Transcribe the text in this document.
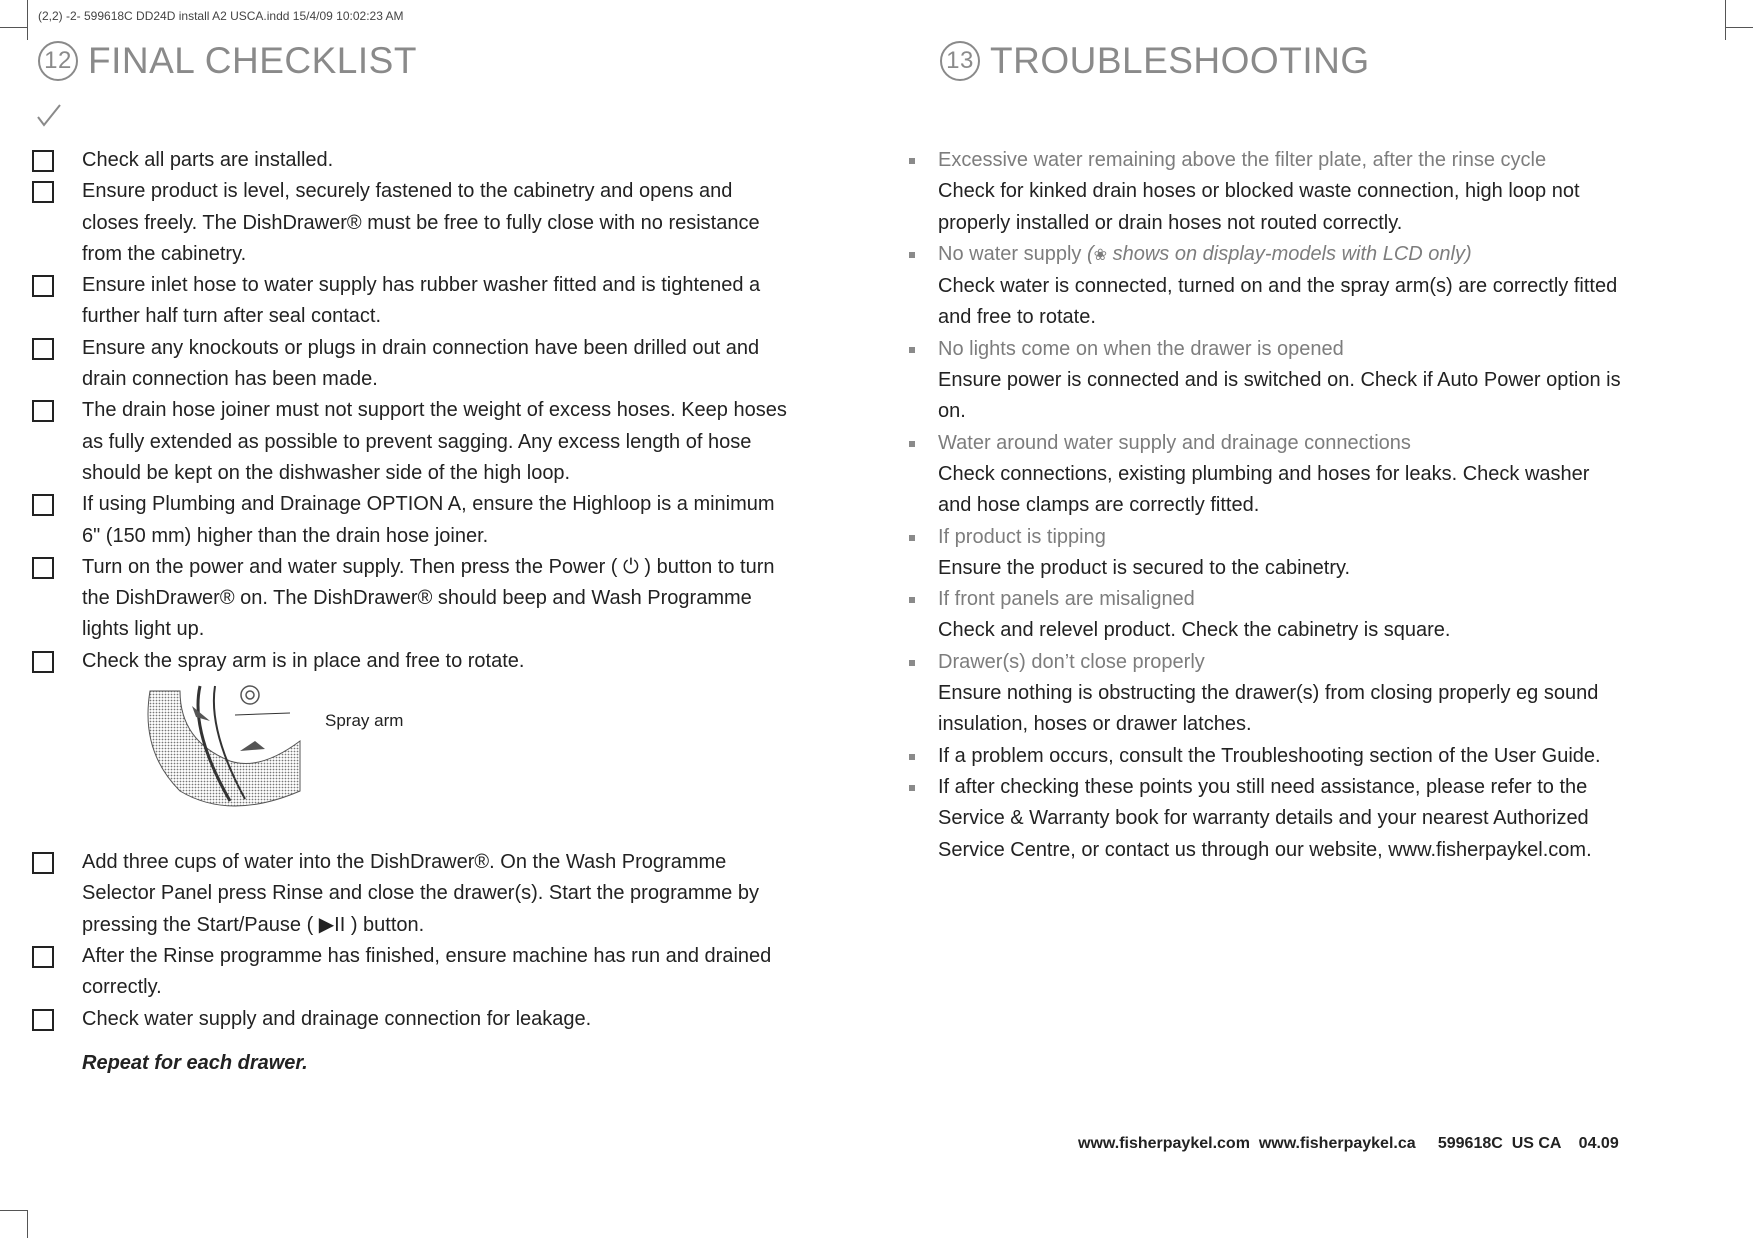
(2,2) -2- 599618C DD24D install A2 USCA.indd 15/4/09 10:02:23 AM
12 FINAL CHECKLIST
Check all parts are installed.
Ensure product is level, securely fastened to the cabinetry and opens and closes freely. The DishDrawer® must be free to fully close with no resistance from the cabinetry.
Ensure inlet hose to water supply has rubber washer fitted and is tightened a further half turn after seal contact.
Ensure any knockouts or plugs in drain connection have been drilled out and drain connection has been made.
The drain hose joiner must not support the weight of excess hoses. Keep hoses as fully extended as possible to prevent sagging. Any excess length of hose should be kept on the dishwasher side of the high loop.
If using Plumbing and Drainage OPTION A, ensure the Highloop is a minimum 6" (150 mm) higher than the drain hose joiner.
Turn on the power and water supply. Then press the Power ( ⏻ ) button to turn the DishDrawer® on. The DishDrawer® should beep and Wash Programme lights light up.
Check the spray arm is in place and free to rotate.
Spray arm
Add three cups of water into the DishDrawer®. On the Wash Programme Selector Panel press Rinse and close the drawer(s). Start the programme by pressing the Start/Pause ( ▶II ) button.
After the Rinse programme has finished, ensure machine has run and drained correctly.
Check water supply and drainage connection for leakage.
Repeat for each drawer.
13 TROUBLESHOOTING
Excessive water remaining above the filter plate, after the rinse cycle
Check for kinked drain hoses or blocked waste connection, high loop not properly installed or drain hoses not routed correctly.
No water supply (❀ shows on display-models with LCD only)
Check water is connected, turned on and the spray arm(s) are correctly fitted and free to rotate.
No lights come on when the drawer is opened
Ensure power is connected and is switched on. Check if Auto Power option is on.
Water around water supply and drainage connections
Check connections, existing plumbing and hoses for leaks. Check washer and hose clamps are correctly fitted.
If product is tipping
Ensure the product is secured to the cabinetry.
If front panels are misaligned
Check and relevel product. Check the cabinetry is square.
Drawer(s) don’t close properly
Ensure nothing is obstructing the drawer(s) from closing properly eg sound insulation, hoses or drawer latches.
If a problem occurs, consult the Troubleshooting section of the User Guide.
If after checking these points you still need assistance, please refer to the Service & Warranty book for warranty details and your nearest Authorized Service Centre, or contact us through our website, www.fisherpaykel.com.
www.fisherpaykel.com www.fisherpaykel.ca 599618C  US CA 04.09
